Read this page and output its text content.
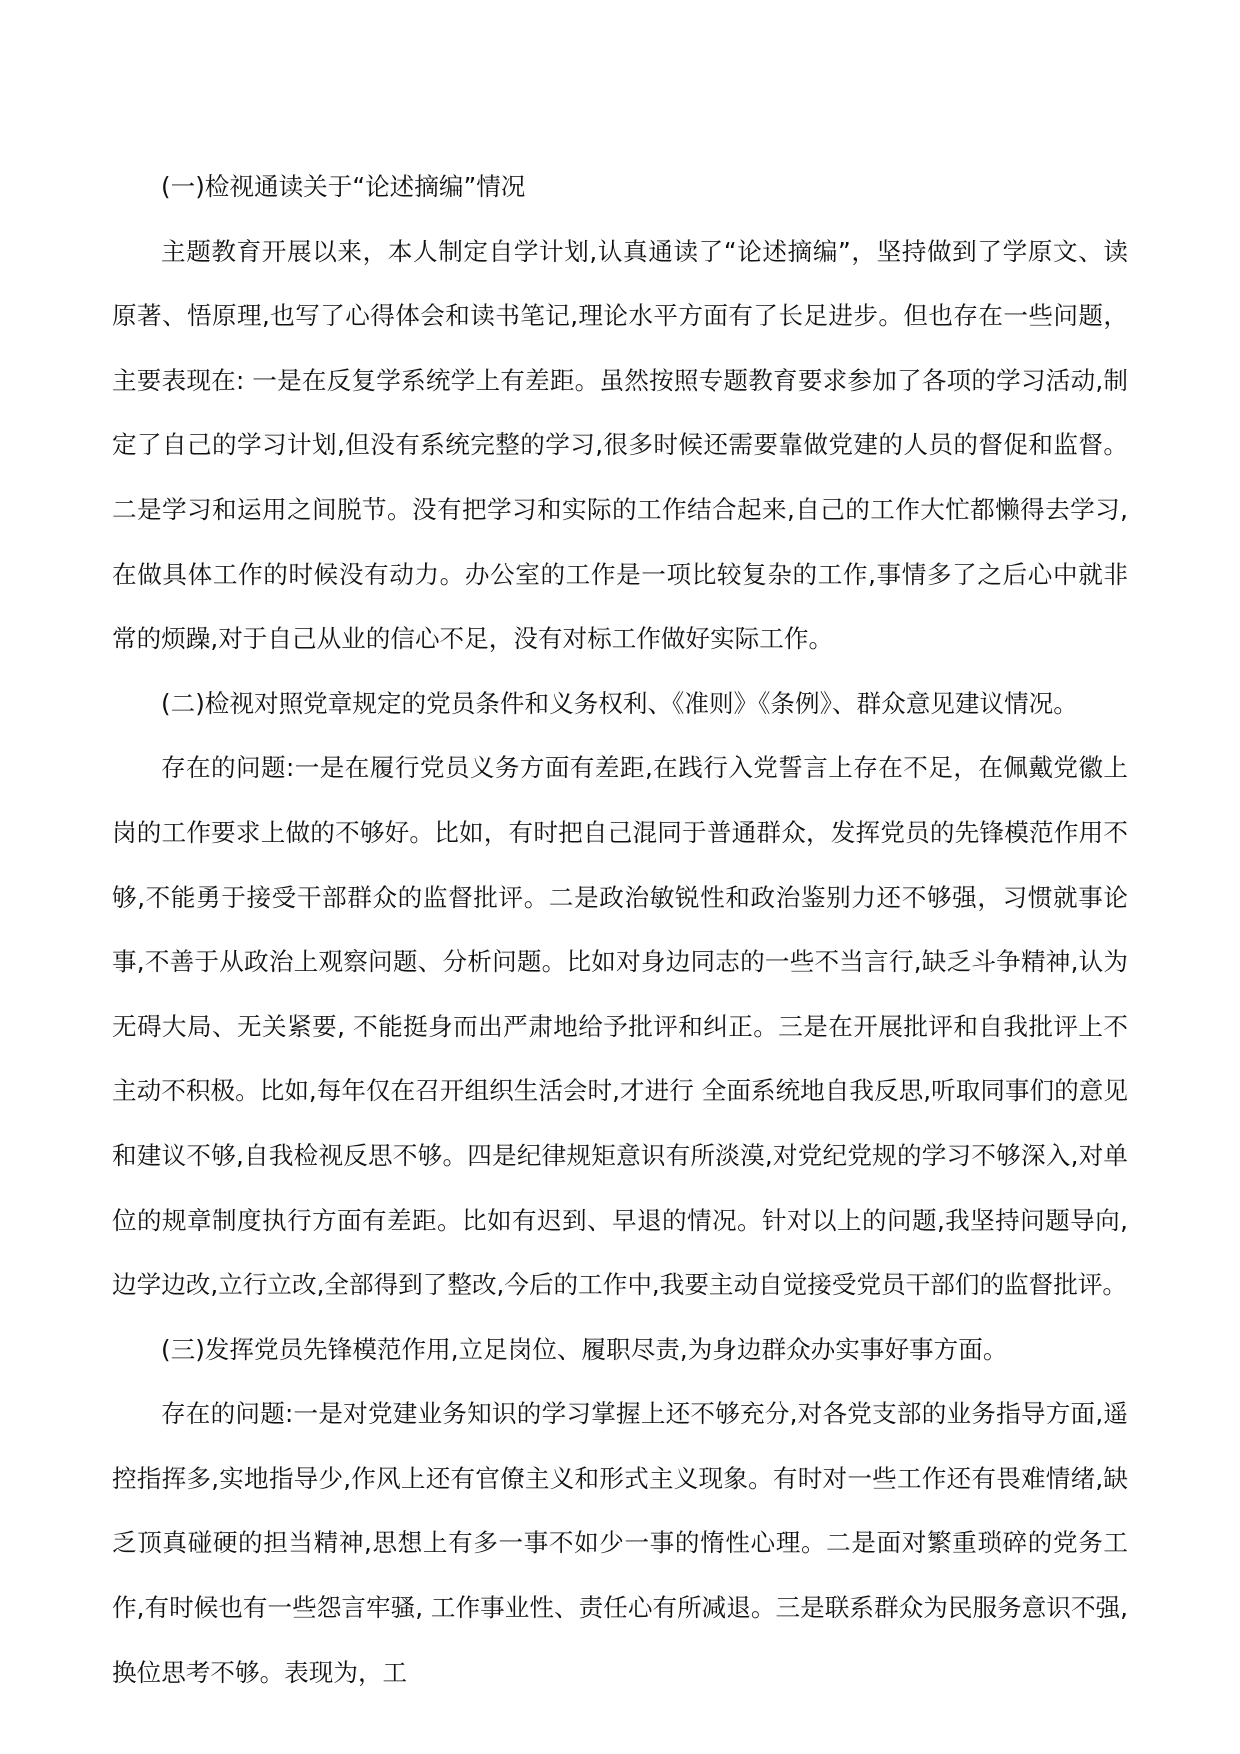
(一)检视通读关于“论述摘编”情况

主题教育开展以来，本人制定自学计划,认真通读了“论述摘编”，坚持做到了学原文、读原著、悟原理,也写了心得体会和读书笔记,理论水平方面有了长足进步。但也存在一些问题，主要表现在: 一是在反复学系统学上有差距。虽然按照专题教育要求参加了各项的学习活动,制定了自己的学习计划,但没有系统完整的学习,很多时候还需要靠做党建的人员的督促和监督。二是学习和运用之间脱节。没有把学习和实际的工作结合起来,自己的工作大忙都懒得去学习,在做具体工作的时候没有动力。办公室的工作是一项比较复杂的工作,事情多了之后心中就非常的烦躁,对于自己从业的信心不足，没有对标工作做好实际工作。

(二)检视对照党章规定的党员条件和义务权利、《准则》《条例》、群众意见建议情况。

存在的问题:一是在履行党员义务方面有差距,在践行入党誓言上存在不足，在佩戴党徽上岗的工作要求上做的不够好。比如，有时把自己混同于普通群众，发挥党员的先锋模范作用不够,不能勇于接受干部群众的监督批评。二是政治敏锐性和政治鉴别力还不够强，习惯就事论事,不善于从政治上观察问题、分析问题。比如对身边同志的一些不当言行,缺乏斗争精神,认为无碍大局、无关紧要, 不能挺身而出严肃地给予批评和纠正。三是在开展批评和自我批评上不主动不积极。比如,每年仅在召开组织生活会时,才进行 全面系统地自我反思,听取同事们的意见和建议不够,自我检视反思不够。四是纪律规矩意识有所淡漠,对党纪党规的学习不够深入,对单位的规章制度执行方面有差距。比如有迟到、早退的情况。针对以上的问题,我坚持问题导向,边学边改,立行立改,全部得到了整改,今后的工作中,我要主动自觉接受党员干部们的监督批评。

(三)发挥党员先锋模范作用,立足岗位、履职尽责,为身边群众办实事好事方面。

存在的问题:一是对党建业务知识的学习掌握上还不够充分,对各党支部的业务指导方面,遥控指挥多,实地指导少,作风上还有官僚主义和形式主义现象。有时对一些工作还有畏难情绪,缺乏顶真碰硬的担当精神,思想上有多一事不如少一事的惰性心理。二是面对繁重琐碎的党务工作,有时候也有一些怨言牢骚, 工作事业性、责任心有所减退。三是联系群众为民服务意识不强,换位思考不够。表现为，工
